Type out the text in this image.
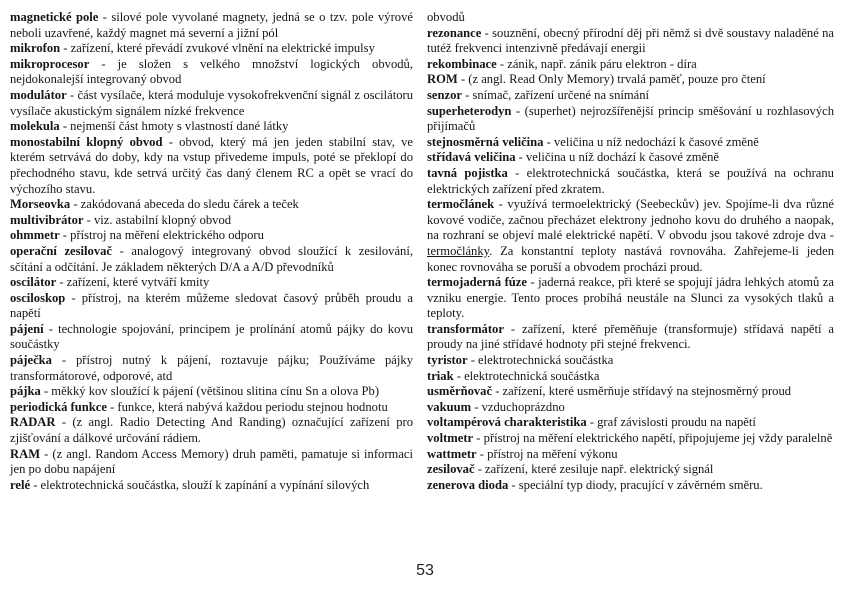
magnetické pole - silové pole vyvolané magnety, jedná se o tzv. pole výrové neboli uzavřené, každý magnet má severní a jižní pól

mikrofon - zařízení, které převádí zvukové vlnění na elektrické impulsy

mikroprocesor - je složen s velkého množství logických obvodů, nejdokonalejší integrovaný obvod

modulátor - část vysílače, která moduluje vysokofrekvenční signál z oscilátoru vysílače akustickým signálem nízké frekvence

molekula - nejmenší část hmoty s vlastností dané látky

monostabilní klopný obvod - obvod, který má jen jeden stabilní stav, ve kterém setrvává do doby, kdy na vstup přivedeme impuls, poté se překlopí do přechodného stavu, kde setrvá určitý čas daný členem RC a opět se vrací do výchozího stavu.

Morseovka - zakódovaná abeceda do sledu čárek a teček

multivibrátor - viz. astabilní klopný obvod

ohmmetr - přístroj na měření elektrického odporu

operační zesilovač - analogový integrovaný obvod sloužící k zesilování, sčítání a odčítání. Je základem některých D/A a A/D převodníků

oscilátor - zařízení, které vytváří kmity

osciloskop - přístroj, na kterém můžeme sledovat časový průběh proudu a napětí

pájení - technologie spojování, principem je prolínání atomů pájky do kovu součástky

páječka - přístroj nutný k pájení, roztavuje pájku; Používáme pájky transformátorové, odporové, atd

pájka - měkký kov sloužící k pájení (většinou slitina cínu Sn a olova Pb)

periodická funkce - funkce, která nabývá každou periodu stejnou hodnotu

RADAR - (z angl. Radio Detecting And Randing) označující zařízení pro zjišťování a dálkové určování rádiem.

RAM - (z angl. Random Access Memory) druh paměti, pamatuje si informaci jen po dobu napájení

relé - elektrotechnická součástka, slouží k zapínání a vypínání silových

obvodů

rezonance - souznění, obecný přírodní děj při němž si dvě soustavy naladěné na tutéž frekvenci intenzivně předávají energii

rekombinace - zánik, např. zánik páru elektron - díra

ROM - (z angl. Read Only Memory) trvalá paměť, pouze pro čtení

senzor - snímač, zařízení určené na snímání

superheterodyn - (superhet) nejrozšířenější princip směšování u rozhlasových přijímačů

stejnosměrná veličina - veličina u níž nedochází k časové změně

střídavá veličina - veličina u níž dochází k časové změně

tavná pojistka - elektrotechnická součástka, která se používá na ochranu elektrických zařízení před zkratem.

termočlánek - využívá termoelektrický (Seebeckův) jev. Spojíme-li dva různé kovové vodiče, začnou přecházet elektrony jednoho kovu do druhého a naopak, na rozhraní se objeví malé elektrické napětí. V obvodu jsou takové zdroje dva - termočlánky. Za konstantní teploty nastává rovnováha. Zahřejeme-li jeden konec rovnováha se poruší a obvodem procházi proud.

termojaderná fúze - jaderná reakce, při které se spojují jádra lehkých atomů za vzniku energie. Tento proces probíhá neustále na Slunci za vysokých tlaků a teploty.

transformátor - zařízení, které přeměňuje (transformuje) střídavá napětí a proudy na jiné střídavé hodnoty při stejné frekvenci.

tyristor - elektrotechnická součástka

triak - elektrotechnická součástka

usměrňovač - zařízení, které usměrňuje střídavý na stejnosměrný proud

vakuum - vzduchoprázdno

voltampérová charakteristika - graf závislosti proudu na napětí

voltmetr - přístroj na měření elektrického napětí, připojujeme jej vždy paralelně

wattmetr - přístroj na měření výkonu

zesilovač - zařízení, které zesiluje např. elektrický signál

zenerova dioda - speciální typ diody, pracující v závěrném směru.

53
